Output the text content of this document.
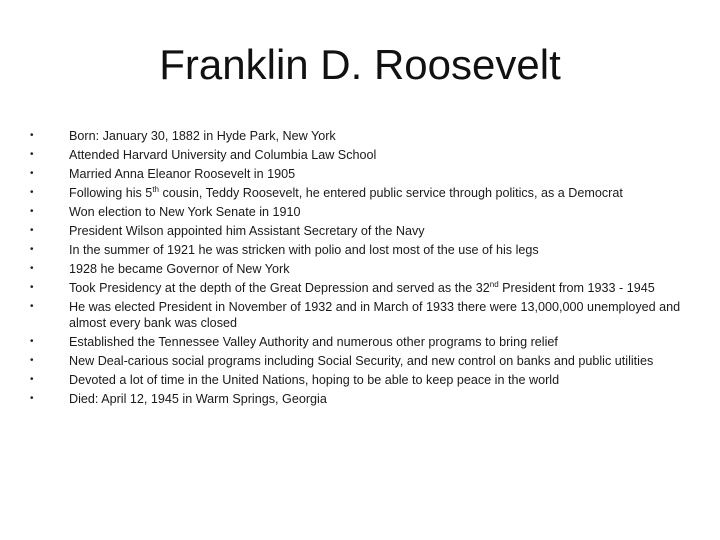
Franklin D. Roosevelt
•	Born: January 30, 1882 in Hyde Park, New York
•	Attended Harvard University and Columbia Law School
•	Married Anna Eleanor Roosevelt in 1905
•	Following his 5th cousin, Teddy Roosevelt, he entered public service through politics, as a Democrat
•	Won election to New York Senate in 1910
•	President Wilson appointed him Assistant Secretary of the Navy
•	In the summer of 1921 he was stricken with polio and lost most of the use of his legs
•	1928 he became Governor of New York
•	Took Presidency at the depth of the Great Depression and served as the 32nd President from 1933 - 1945
•	He was elected President in November of 1932 and in March of 1933 there were 13,000,000 unemployed and almost every bank was closed
•	Established the Tennessee Valley Authority and numerous other programs to bring relief
•	New Deal-carious social programs including Social Security, and new control on banks and public utilities
•	Devoted a lot of time in the United Nations, hoping to be able to keep peace in the world
•	Died: April 12, 1945 in Warm Springs, Georgia
